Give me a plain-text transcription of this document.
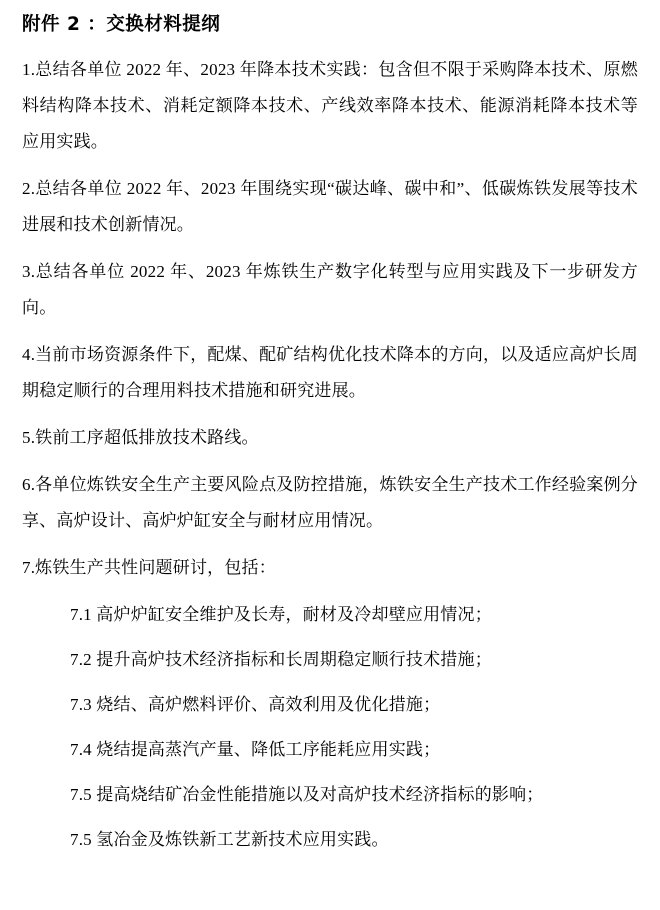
附件 2 ：交换材料提纲

1.总结各单位 2022 年、2023 年降本技术实践：包含但不限于采购降本技术、原燃料结构降本技术、消耗定额降本技术、产线效率降本技术、能源消耗降本技术等应用实践。

2.总结各单位 2022 年、2023 年围绕实现“碳达峰、碳中和”、低碳炼铁发展等技术进展和技术创新情况。

3.总结各单位 2022 年、2023 年炼铁生产数字化转型与应用实践及下一步研发方向。

4.当前市场资源条件下，配煤、配矿结构优化技术降本的方向，以及适应高炉长周期稳定顺行的合理用料技术措施和研究进展。

5.铁前工序超低排放技术路线。

6.各单位炼铁安全生产主要风险点及防控措施，炼铁安全生产技术工作经验案例分享、高炉设计、高炉炉缸安全与耐材应用情况。

7.炼铁生产共性问题研讨，包括：

7.1 高炉炉缸安全维护及长寿，耐材及冷却壁应用情况；

7.2 提升高炉技术经济指标和长周期稳定顺行技术措施；

7.3 烧结、高炉燃料评价、高效利用及优化措施；

7.4 烧结提高蒸汽产量、降低工序能耗应用实践；

7.5 提高烧结矿冶金性能措施以及对高炉技术经济指标的影响；

7.5 氢冶金及炼铁新工艺新技术应用实践。
